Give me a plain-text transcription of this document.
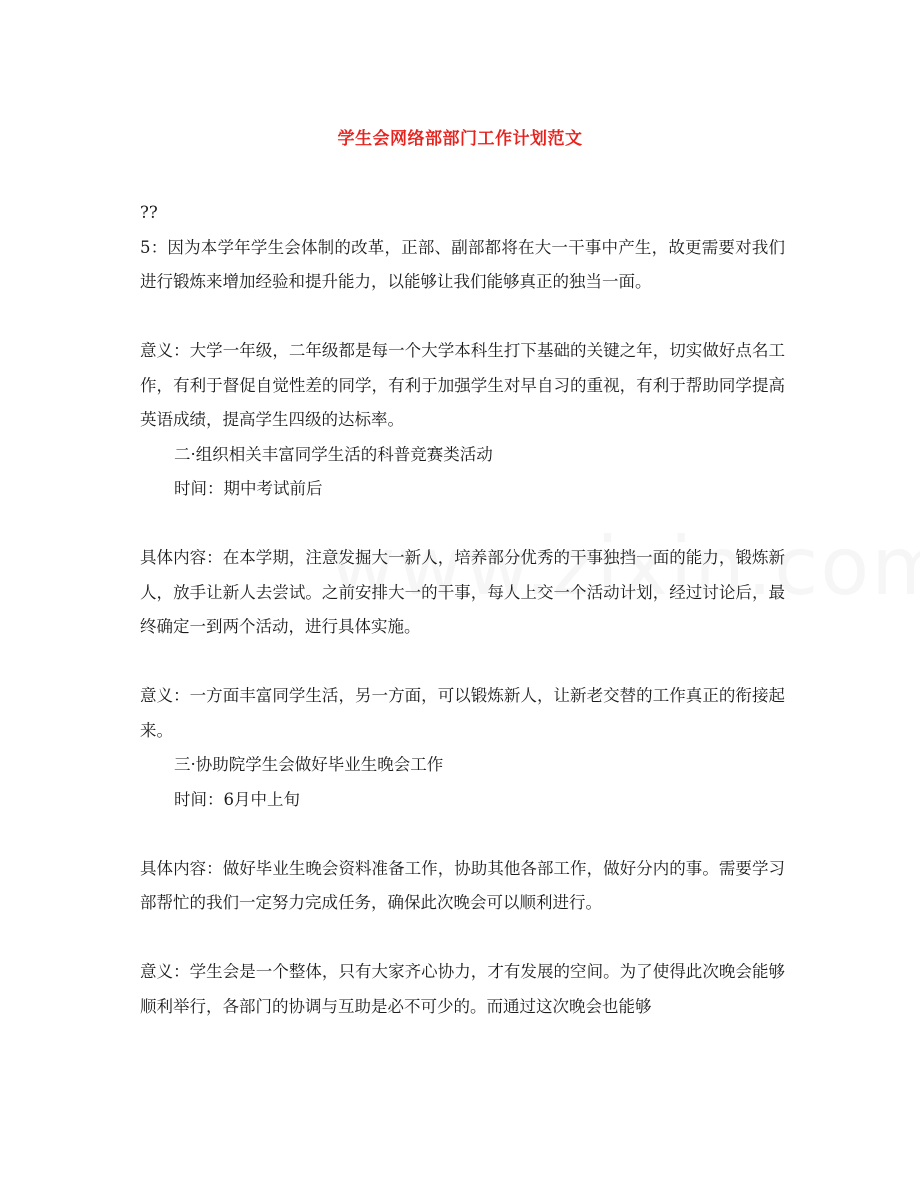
学生会网络部部门工作计划范文

??

5：因为本学年学生会体制的改革，正部、副部都将在大一干事中产生，故更需要对我们进行锻炼来增加经验和提升能力，以能够让我们能够真正的独当一面。

意义：大学一年级，二年级都是每一个大学本科生打下基础的关键之年，切实做好点名工作，有利于督促自觉性差的同学，有利于加强学生对早自习的重视，有利于帮助同学提高英语成绩，提高学生四级的达标率。

二·组织相关丰富同学生活的科普竞赛类活动

时间：期中考试前后

具体内容：在本学期，注意发掘大一新人，培养部分优秀的干事独挡一面的能力，锻炼新人，放手让新人去尝试。之前安排大一的干事，每人上交一个活动计划，经过讨论后，最终确定一到两个活动，进行具体实施。

意义：一方面丰富同学生活，另一方面，可以锻炼新人，让新老交替的工作真正的衔接起来。

三·协助院学生会做好毕业生晚会工作

时间：6月中上旬

具体内容：做好毕业生晚会资料准备工作，协助其他各部工作，做好分内的事。需要学习部帮忙的我们一定努力完成任务，确保此次晚会可以顺利进行。

意义：学生会是一个整体，只有大家齐心协力，才有发展的空间。为了使得此次晚会能够顺利举行，各部门的协调与互助是必不可少的。而通过这次晚会也能够
